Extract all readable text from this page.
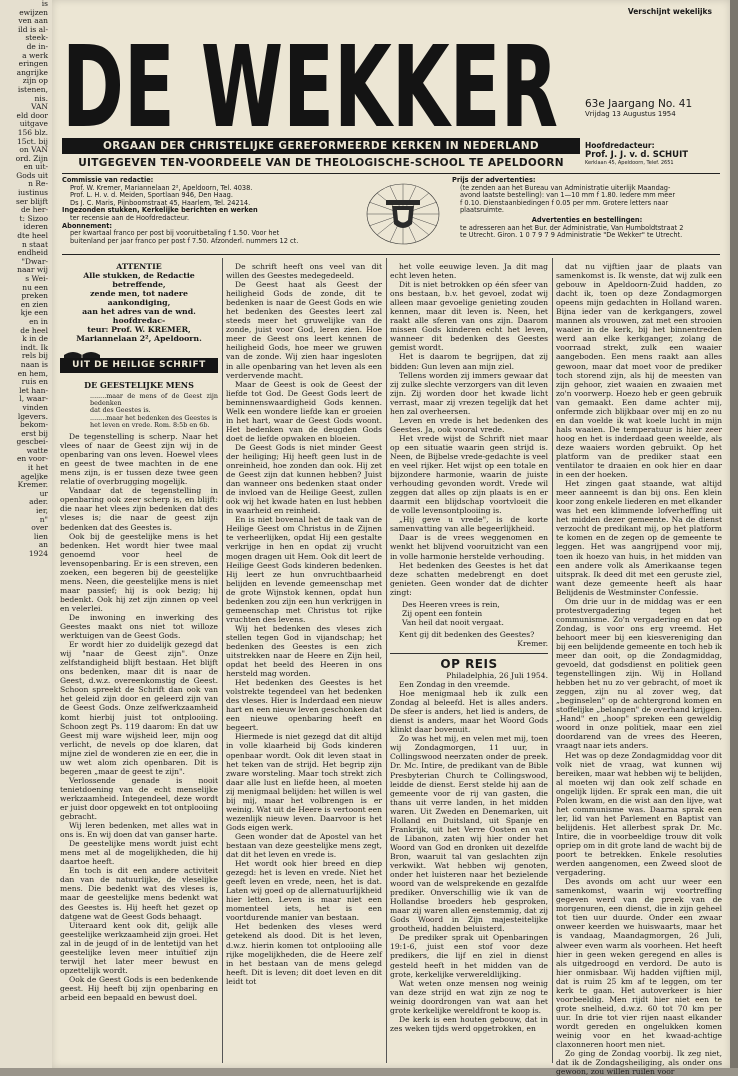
is
ewijzen
ven aan
ild is al-
steek-
de in-
a werk
eringen
angrijke
zijn op
istenen,
nis.
VAN
eld door
uitgave
156 blz.
15ct. bij
on VAN
ord. Zijn
en uit-
Gods uit
n Re-
iustinus
ser blijft
de her-
t: Sizoo
ideren
dte heel
n staat
endheid
"Dwar-
naar wij
s Wei-
nu een
preken
en zien
kje een
en in
de heel
k in de
indt. Ik
rels bij
naan is
en hem,
ruis en
let han-
l, waar-
vinden
lgevers.
bekom-
erst bij
gescbei-
watte
en voor-
it het
ageljke
Kremer.
ur
ader.
ier,
n"
over
lien
an
1924
Verschijnt wekelijks
DE WEKKER	63e Jaargang No. 41
Vrijdag 13 Augustus 1954
Hoofdredacteur:
Prof. J. J. v. d. SCHUIT
Kerklaan 45, Apeldoorn, Telef. 2651
ORGAAN DER CHRISTELIJKE GEREFORMEERDE KERKEN IN NEDERLAND
UITGEGEVEN TEN-VOORDEELE VAN DE THEOLOGISCHE-SCHOOL TE APELDOORN
Commissie van redactie:
Prof. W. Kremer, Mariannelaan 2², Apeldoorn, Tel. 4038.
Prof. L. H. v. d. Meiden, Sportlaan 946, Den Haag.
Ds J. C. Maris, Pijnboomstraat 45, Haarlem, Tel. 24214.
Ingezonden stukken, Kerkelijke berichten en werken
ter recensie aan de Hoofdredacteur.
Abonnement:
per kwartaal franco per post bij vooruitbetaling f 1.50. Voor het
buitenland per jaar franco per post f 7.50. Afzonderl. nummers 12 ct.
Prijs der advertenties:
(te zenden aan het Bureau van Administratie uiterlijk Maandag-
avond laatste bestelling): van 1—10 mm f 1.80. Iedere mm meer
f 0.10. Dienstaanbiedingen f 0.05 per mm. Grotere letters naar
plaatsruimte.
Advertenties en bestellingen:
te adresseren aan het Bur. der Administratie, Van Humboldtstraat 2
te Utrecht. Giron. 1 0 7 9 7 9 Administratie "De Wekker" te Utrecht.
ATTENTIE
Alle stukken, de Redactie betreffende,
zende men, tot nadere aankondiging,
aan het adres van de wnd. hoofdredac-
teur: Prof. W. KREMER,
Mariannelaan 2², Apeldoorn.
UIT DE HEILIGE SCHRIFT
DE GEESTELIJKE MENS
........maar de mens of de Geest zijn bedenken
dat des Geestes is.
........maar het bedenken des Geestes is
het leven en vrede. Rom. 8:5b en 6b.

De tegenstelling is scherp. Naar het vlees of naar de Geest zijn wij in de openbaring van ons leven. Hoewel vlees en geest de twee machten in de ene mens zijn, is er tussen deze twee geen relatie of overbrugging mogelijk.

Vandaar dat de tegenstelling in openbaring ook zeer scherp is, en blijft: die naar het vlees zijn bedenken dat des vleses is; die naar de geest zijn bedenken dat des Geestes is.

Ook bij de geestelijke mens is het bedenken. Het wordt hier twee maal genoemd voor heel de levensopenbaring. Er is een streven, een zoeken, een begeren bij de geestelijke mens. Neen, die geestelijke mens is niet maar passief; hij is ook bezig; hij bedenkt. Ook hij zet zijn zinnen op veel en velerlei.

De inwoning en inwerking des Geestes maakt ons niet tot willoze werktuigen van de Geest Gods.

Er wordt hier zo duidelijk gezegd dat wij "naar de Geest zijn". Onze zelfstandigheid blijft bestaan. Het blijft ons bedenken, maar dit is naar de Geest, d.w.z. overeenkomstig de Geest. Schoon spreekt de Schrift dan ook van het geleid zijn door en geleerd zijn van de Geest Gods. Onze zelfwerkzaamheid komt hierbij juist tot ontplooiing. Schoon zegt Ps. 119 daarom: En dat uw Geest mij ware wijsheid leer, mijn oog verlicht, de nevels op doe klaren, dat mijne ziel de wonderen zie en eer, die in uw wet alom zich openbaren. Dit is begeren „maar de geest te zijn".

Verlossende genade is nooit tenietdoening van de echt menselijke werkzaamheid. Integendeel, deze wordt er juist door opgewekt en tot ontplooiing gebracht.

Wij leren bedenken, met alles wat in ons is. En wij doen dat van ganser harte.

De geestelijke mens wordt juist echt mens met al de mogelijkheden, die hij daartoe heeft.

En toch is dit een andere activiteit dan van de natuurlijke, de vleselijke mens. Die bedenkt wat des vleses is, maar de geestelijke mens bedenkt wat des Geestes is. Hij heeft het gezet op datgene wat de Geest Gods behaagt.

Uiteraard kent ook dit, gelijk alle geestelijke werkzaamheid zijn groei. Het zal in de jeugd of in de lentetijd van het geestelijke leven meer intuïtief zijn terwijl het later meer bewust en opzettelijk wordt.

Ook de Geest Gods is een bedenkende geest. Hij heeft bij zijn openbaring en arbeid een bepaald en bewust doel.

De schrift heeft ons veel van dit willen des Geestes medegedeeld.

De Geest haat als Geest der heiligheid Gods de zonde, dit te bedenken is naar de Geest Gods en wie het bedenken des Geestes leert zal steeds meer het gruwelijke van de zonde, juist voor God, leren zien. Hoe meer de Geest ons leert kennen de heiligheid Gods, hoe meer we gruwen van de zonde. Wij zien haar ingesloten in alle openbaring van het leven als een verdervende macht.

Maar de Geest is ook de Geest der liefde tot God. De Geest Gods leert de beminnenswaardigheid Gods kennen. Welk een wondere liefde kan er groeien in het hart, waar de Geest Gods woont. Het bedenken van de deugden Gods doet de liefde opwaken en bloeien.

De Geest Gods is niet minder Geest der heiliging; Hij heeft geen lust in de onreinheid, hoe zonden dan ook. Hij zet de Geest zijn dat kunnen hebben? Juist dan wanneer ons bedenken staat onder de invloed van de Heilige Geest, zullen ook wij het kwade haten en lust hebben in waarheid en reinheid.

En is niet bovenal het de taak van de Heilige Geest om Christus in de Zijnen te verheerlijken, opdat Hij een gestalte verkrijge in hen en opdat zij vrucht mogen dragen uit Hem. Ook dit leert de Heilige Geest Gods kinderen bedenken. Hij leert ze hun onvruchtbaarheid belijden en levende gemeenschap met de grote Wijnstok kennen, opdat hun bedenken zou zijn een hun verkrijgen in gemeenschap met Christus tot rijke vruchten des levens.

Wij het bedenken des vleses zich stellen tegen God in vijandschap; het bedenken des Geestes is een zich uitstrekken naar de Heere en Zijn heil, opdat het beeld des Heeren in ons hersteld mag worden.

Het bedenken des Geestes is het volstrekte tegendeel van het bedenken des vleses. Hier is Inderdaad een nieuw hart en een nieuw leven geschonken dat een nieuwe openbaring heeft en begeert.

Hiermede is niet gezegd dat dit altijd in volle klaarheid bij Gods kinderen openbaar wordt. Ook dit leven staat in het teken van de strijd. Het begrip zijn zware worsteling. Maar toch strekt zich daar alle lust en liefde heen, al moeten zij menigmaal belijden: het willen is wel bij mij, maar het volbrengen is er weinig. Wat uit de Heere is vertoont een wezenlijk nieuw leven. Daarvoor is het Gods eigen werk.

Geen wonder dat de Apostel van het bestaan van deze geestelijke mens zegt, dat dit het leven en vrede is.

Het wordt ook hier breed en diep gezegd: het is leven en vrede. Niet het geeft leven en vrede, neen, het is dat. Laten wij goed op de allernatuurlijkheid hier letten. Leven is maar niet een momenteel iets, het is een voortdurende manier van bestaan.

Het bedenken des vleses werd getekend als dood. Dit is het leven, d.w.z. hierin komen tot ontplooiing alle rijke mogelijkheden, die de Heere zelf in het bestaan van de mens gelegd heeft. Dit is leven; dit doet leven en dit leidt tot

het volle eeuwige leven. Ja dit mag echt leven heten.

Dit is niet betrokken op één sfeer van ons bestaan, b.v. het gevoel, zodat wij alleen maar gevoelige genieting zouden kennen, maar dit leven is. Neen, het raakt alle sferen van ons zijn. Daarom missen Gods kinderen echt het leven, wanneer dit bedenken des Geestes gemist wordt.

Het is daarom te begrijpen, dat zij bidden: Gun leven aan mijn ziel.

Tellens worden zij immers gewaar dat zij zulke slechte verzorgers van dit leven zijn. Zij worden door het kwade licht verrast, maar zij vrezen tegelijk dat het hen zal overheersen.

Leven en vrede is het bedenken des Geestes. Ja, ook vooral vrede.

Het vrede wijst de Schrift niet maar op een situatie waarin geen strijd is. Neen, de Bijbelse vrede-gedachte is veel en veel rijker. Het wijst op een totale en bijzondere harmonie, waarin de juiste verhouding gevonden wordt. Vrede wil zeggen dat alles op zijn plaats is en er daarmit een blijdschap voortvloeit die de volle levensontplooiing is.

„Hij geve u vrede", is de korte samenvatting van alle begeerlijkheid.

Daar is de vrees weggenomen en wenkt het blijvend vooruitzicht van een in volle harmonie herstelde verhouding.

Het bedenken des Geestes is het dat deze schatten medebrengt en doet genieten. Geen wonder dat de dichter zingt:

Des Heeren vrees is rein,

Zij opent een fontein

Van heil dat nooit vergaat.

Kent gij dit bedenken des Geestes?

Kremer.

OP REIS

Philadelphia, 26 Juli 1954.

Een Zondag in den vreemde.

Hoe menigmaal heb ik zulk een Zondag al beleefd. Het is alles anders. De sfeer is anders, het lied is anders, de dienst is anders, maar het Woord Gods klinkt daar bovenuit.

Zo was het mij, en velen met mij, toen wij Zondagmorgen, 11 uur, in Collingswood neerzaten onder de preek. Dr. Mc. Intire, de predikant van de Bible Presbyterian Church te Collingswood, leidde de dienst. Eerst stelde hij aan de gemeente voor de rij van gasten, die thans uit verre landen, in het midden waren. Uit Zweden en Denemarken, uit Holland en Duitsland, uit Spanje en Frankrijk, uit het Verre Oosten en van de Libanon, zaten wij hier onder het Woord van God en dronken uit dezelfde Bron, waaruit tal van geslachten zijn verkwikt. Wat hebben wij genoten, onder het luisteren naar het bezielende woord van de welsprekende en gezalfde prediker. Onverschillig wie ik van de Hollandse broeders heb gesproken, maar zij waren allen eenstemmig, dat zij Gods Woord in Zijn majesteitelijke grootheid, hadden beluisterd.

De prediker sprak uit Openbaringen 19:1-6, juist een stof voor deze predikers, die lijf en ziel in dienst gesteld heeft in het midden van de grote, kerkelijke verwereldlijking.

Wat weten onze mensen nog weinig van deze strijd en wat zijn ze nog te weinig doordrongen van wat aan het grote kerkelijke wereldfront te koop is.

De kerk is een houten gebouw, dat in zes weken tijds werd opgetrokken, en

dat nu vijftien jaar de plaats van samenkomst is. Ik wenste, dat wij zulk een gebouw in Apeldoorn-Zuid hadden, zo dacht ik, toen op deze Zondagmorgen opeens mijn gedachten in Holland waren. Bijna ieder van de kerkgangers, zowel mannen als vrouwen, zat met een strooien waaier in de kerk, bij het binnentreden werd aan elke kerkganger, zolang de voorraad strekt, zulk een waaier aangeboden. Een mens raakt aan alles gewoon, maar dat moet voor de prediker toch storend zijn, als hij de meesten van zijn gehoor, ziet waaien en zwaaien met zo'n voorwerp. Hoezo heb er geen gebruik van gemaakt. Een dame achter mij, onfermde zich blijkbaar over mij en zo nu en dan voelde ik wat koele lucht in mijn hals waaien. De temperatuur is hier zeer hoog en het is inderdaad geen weelde, als deze waaiers worden gebruikt. Op het platform van de prediker staat een ventilator te draaien en ook hier en daar in een der hoeken.

Het zingen gaat staande, wat altijd meer aanneemt is dan bij ons. Een klein koor zong enkele liederen en met elkander was het een klimmende lofverheffing uit het midden dezer gemeente. Na de dienst verzocht de predikant mij, op het platform te komen en de zegen op de gemeente te leggen. Het was aangrijpend voor mij, toen ik hoezo van huis, in het midden van een andere volk als Amerikaanse tegen uitsprak. Ik deed dit met een geruste ziel, want deze gemeente heeft als haar Belijdenis de Westminster Confessie.

Om drie uur in de middag was er een protestvergadering tegen het communisme. Zo'n vergadering en dat op Zondag, is voor ons erg vreemd. Het behoort meer bij een kiesvereniging dan bij een belijdende gemeente en toch heb ik meer dan ooit, op die Zondagmiddag, gevoeld, dat godsdienst en politiek geen tegenstellingen zijn. Wij in Holland hebben het nu zo ver gebracht, of moet ik zeggen, zijn nu al zover weg, dat „beginselen" op de achtergrond komen en stoffelijke „belangen" de overhand krijgen. „Hand" en „hoop" spreken een geweldig woord in onze politiek, maar een ziel doordarend van de vrees des Heeren, vraagt naar iets anders.

Het was op deze Zondagmiddag voor dit volk niet de vraag, wat kunnen wij bereiken, maar wat hebben wij te belijden, al moeten wij dan ook zelf schade en ongelijk lijden. Er sprak een man, die uit Polen kwam, en die wist aan den lijve, wat het communisme was. Daarna sprak een ler, lid van het Parlement en Baptist van belijdenis. Het allerbest sprak Dr. Mc. Intire, die in voorbeeldige trouw dit volk opriep om in dit grote land de wacht bij de poort te betrekken. Enkele resoluties werden aangenomen, een Zweed sloot de vergadering.

Des avonds om acht uur weer een samenkomst, waarin wij voortreffing gegeven werd van de preek van de morgenuren, een dienst, die in zijn geheel tot tien uur duurde. Onder een zwaar onweer keerden we huiswaarts, maar het is vandaag, Maandagmorgen, 26 Juli, alweer even warm als voorheen. Het heeft hier in geen weken geregend en alles is als uitgedroogd en verdord. De auto is hier onmisbaar. Wij hadden vijftien mijl, dat is ruim 25 km af te leggen, om ter kerk te gaan. Het autoverkeer is hier voorbeeldig. Men rijdt hier niet een te grote snelheid, d.w.z. 60 tot 70 km per uur. In drie tot vier rijen naast elkander wordt gereden en ongelukken komen weinig voor en het kwaad-achtige claxonneren hoort men niet.

Zo ging de Zondag voorbij. Ik zeg niet, dat ik de Zondagsheiliging, als onder ons gewoon, zou willen ruilen voor
